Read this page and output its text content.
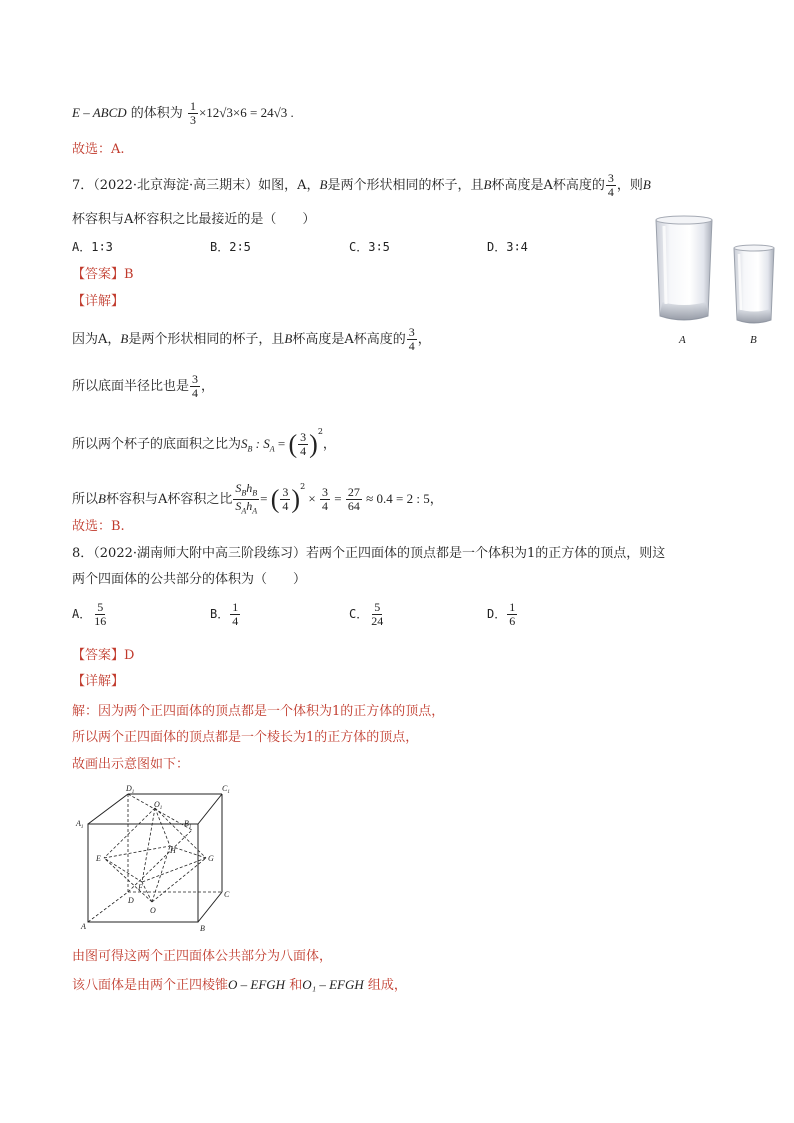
E – ABCD 的体积为 $\frac{1}{3} \times 12√3\times 6 = 24√3$ .
故选：A.
7．（2022·北京海淀·高三期末）如图，A，B是两个形状相同的杯子，且B杯高度是A杯高度的 $\frac{3}{4}$ ，则B
杯容积与A杯容积之比最接近的是（　　）
A．1∶3	B．2∶5	C．3∶5	D．3∶4
【答案】B
【详解】
因为A，B是两个形状相同的杯子，且B杯高度是A杯高度的 $\frac{3}{4}$ ，
所以底面半径比也是 $\frac{3}{4}$ ，
所以两个杯子的底面积之比为$S_B$ : $S_A$ = ( $\frac{3}{4} )^2$，
所以B杯容积与A杯容积之比 $\frac{S_Bh_B}{S_Ah_A}$ = ( $\frac{3}{4} )^2 \times \frac{3}{4} = \frac{27}{64} \approx 0.4 = 2$ : 5，
故选：B.
A	B
8．（2022·湖南师大附中高三阶段练习）若两个正四面体的顶点都是一个体积为1的正方体的顶点，则这
两个四面体的公共部分的体积为（　　）
A． $\frac{5}{16}$	B． $\frac{1}{4}$	C． $\frac{5}{24}$	D． $\frac{1}{6}$
【答案】D
【详解】
解：因为两个正四面体的顶点都是一个体积为1的正方体的顶点，
所以两个正四面体的顶点都是一个棱长为1的正方体的顶点，
故画出示意图如下：
$D_1$	$C_1$
$A_1$	$B_1$
$O_1$
E	G
H
F
D
C
A	B
O
由图可得这两个正四面体公共部分为八面体，
该八面体是由两个正四棱锥O – EFGH 和O₁ – EFGH 组成，
